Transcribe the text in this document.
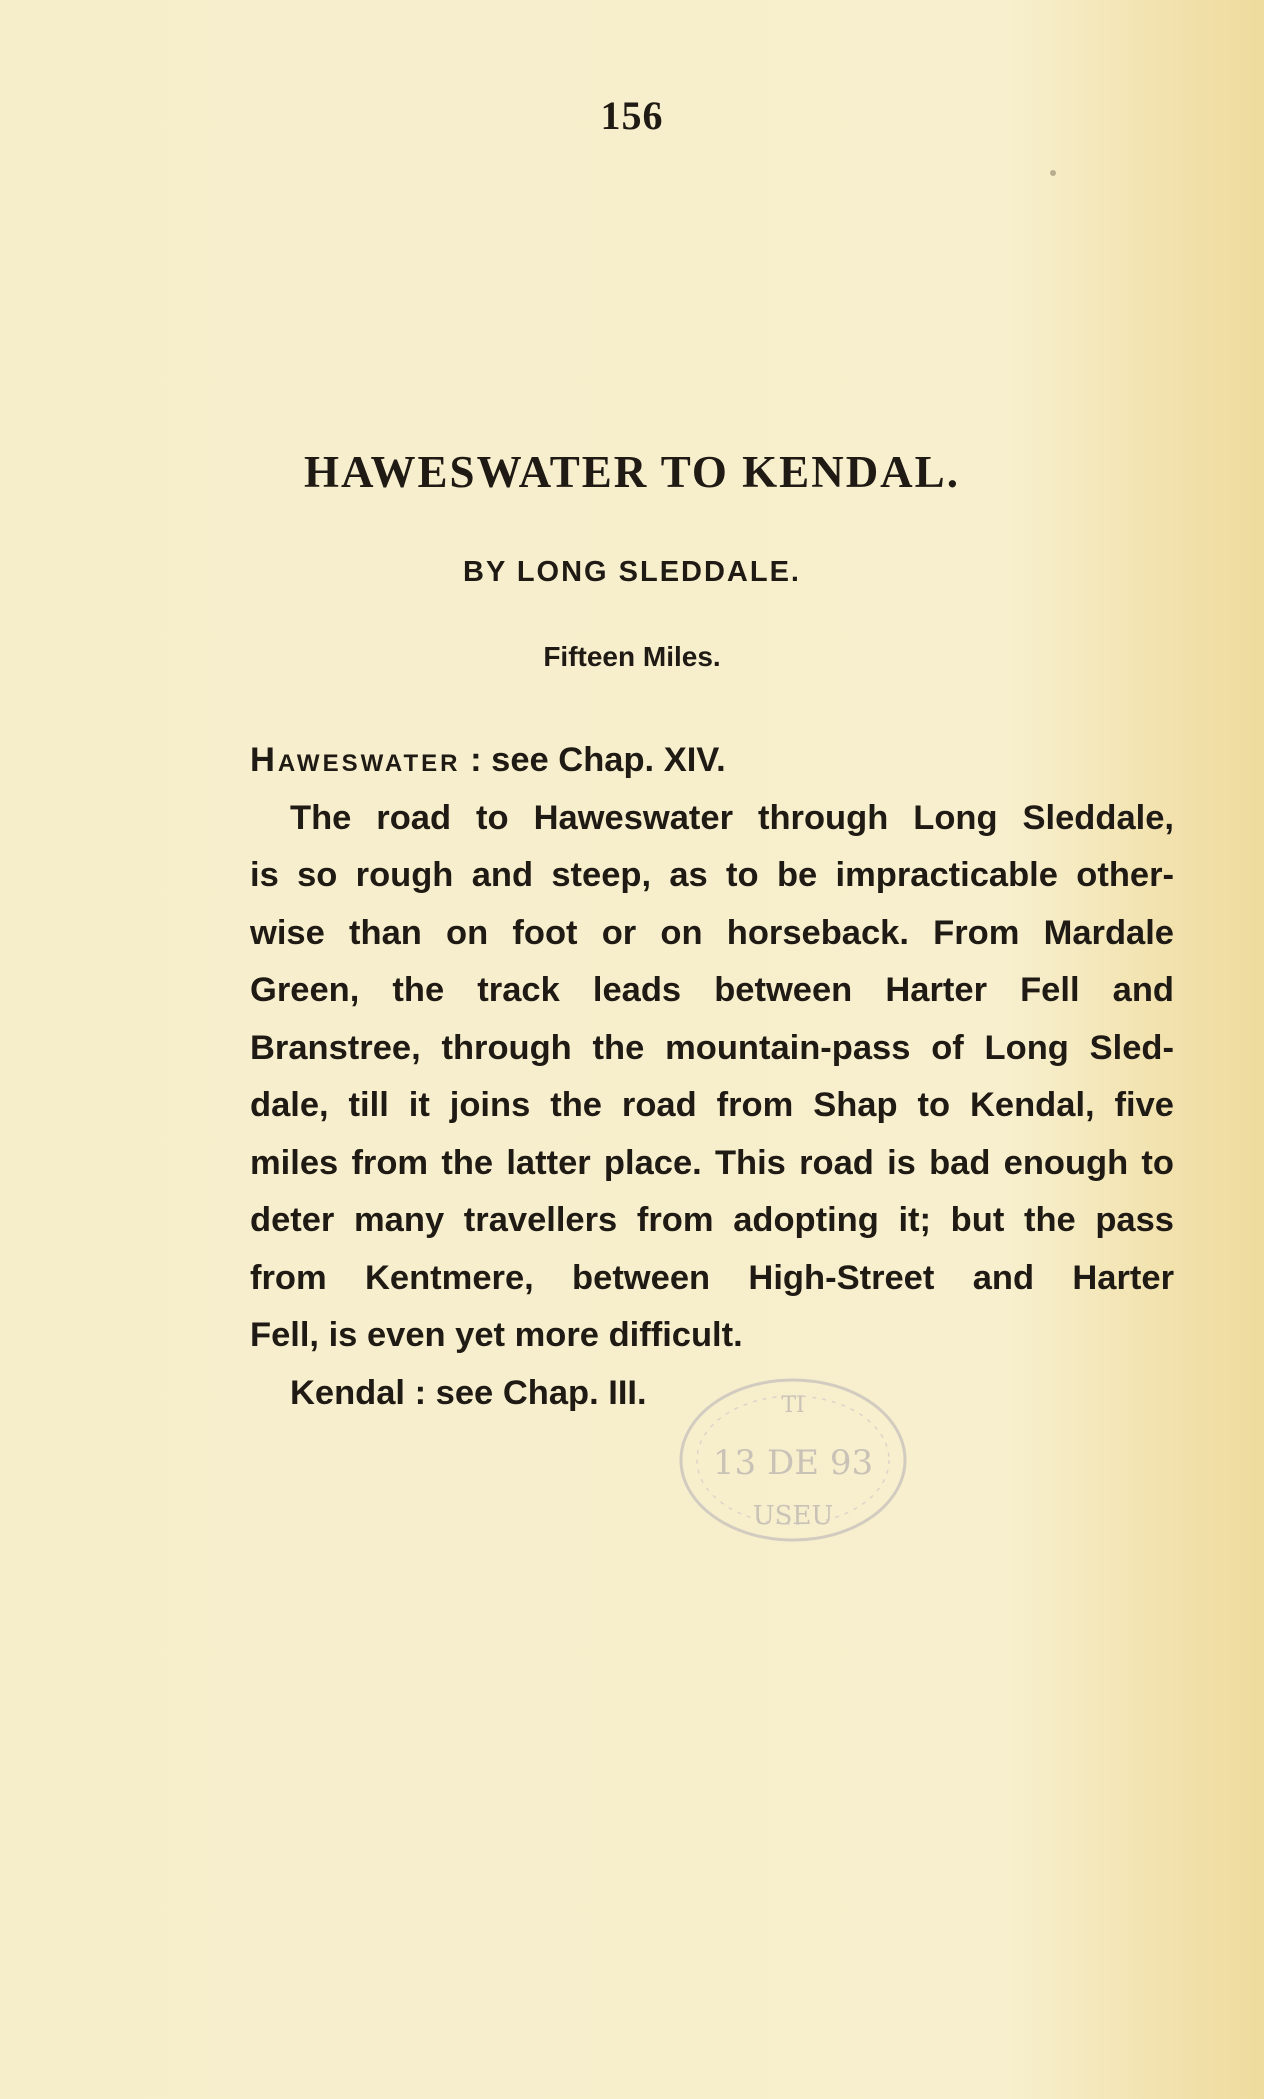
156
HAWESWATER TO KENDAL.
BY LONG SLEDDALE.
Fifteen Miles.
Haweswater : see Chap. XIV.
The road to Haweswater through Long Sleddale,
is so rough and steep, as to be impracticable other-
wise than on foot or on horseback. From Mardale
Green, the track leads between Harter Fell and
Branstree, through the mountain-pass of Long Sled-
dale, till it joins the road from Shap to Kendal, five
miles from the latter place. This road is bad enough to
deter many travellers from adopting it; but the pass
from Kentmere, between High-Street and Harter
Fell, is even yet more difficult.
Kendal : see Chap. III.	TI
13 DE 93
USEU
